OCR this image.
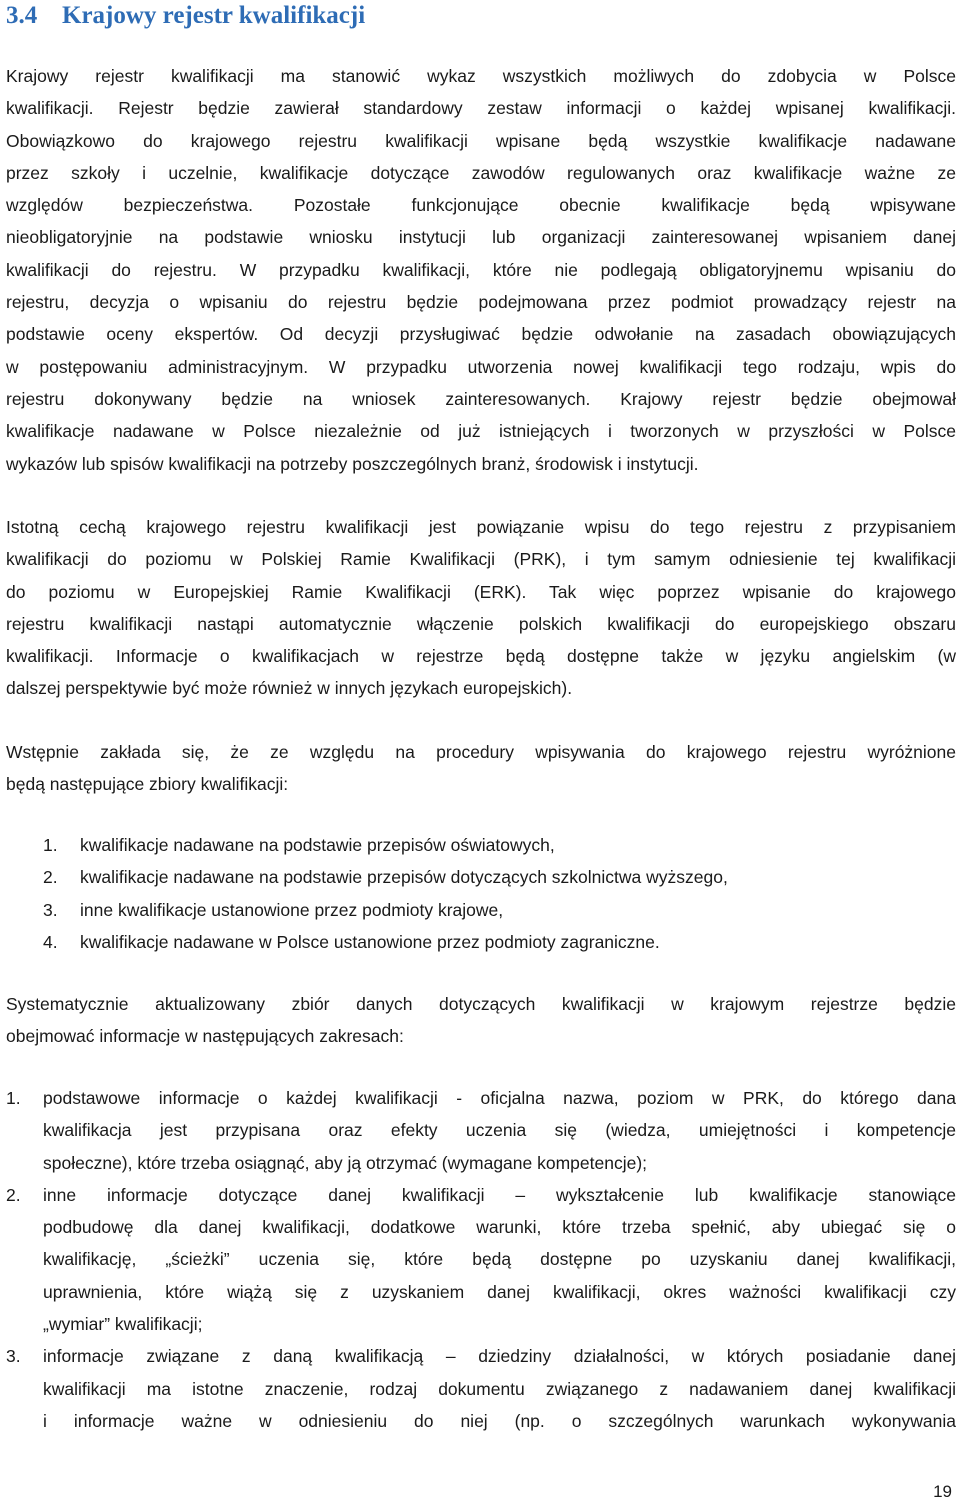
3.4 Krajowy rejestr kwalifikacji

Krajowy rejestr kwalifikacji ma stanowić wykaz wszystkich możliwych do zdobycia w Polsce
kwalifikacji. Rejestr będzie zawierał standardowy zestaw informacji o każdej wpisanej kwalifikacji.
Obowiązkowo do krajowego rejestru kwalifikacji wpisane będą wszystkie kwalifikacje nadawane
przez szkoły i uczelnie, kwalifikacje dotyczące zawodów regulowanych oraz kwalifikacje ważne ze
względów bezpieczeństwa. Pozostałe funkcjonujące obecnie kwalifikacje będą wpisywane
nieobligatoryjnie na podstawie wniosku instytucji lub organizacji zainteresowanej wpisaniem danej
kwalifikacji do rejestru. W przypadku kwalifikacji, które nie podlegają obligatoryjnemu wpisaniu do
rejestru, decyzja o wpisaniu do rejestru będzie podejmowana przez podmiot prowadzący rejestr na
podstawie oceny ekspertów. Od decyzji przysługiwać będzie odwołanie na zasadach obowiązujących
w postępowaniu administracyjnym. W przypadku utworzenia nowej kwalifikacji tego rodzaju, wpis do
rejestru dokonywany będzie na wniosek zainteresowanych. Krajowy rejestr będzie obejmował
kwalifikacje nadawane w Polsce niezależnie od już istniejących i tworzonych w przyszłości w Polsce
wykazów lub spisów kwalifikacji na potrzeby poszczególnych branż, środowisk i instytucji.

Istotną cechą krajowego rejestru kwalifikacji jest powiązanie wpisu do tego rejestru z przypisaniem
kwalifikacji do poziomu w Polskiej Ramie Kwalifikacji (PRK), i tym samym odniesienie tej kwalifikacji
do poziomu w Europejskiej Ramie Kwalifikacji (ERK). Tak więc poprzez wpisanie do krajowego
rejestru kwalifikacji nastąpi automatycznie włączenie polskich kwalifikacji do europejskiego obszaru
kwalifikacji. Informacje o kwalifikacjach w rejestrze będą dostępne także w języku angielskim (w
dalszej perspektywie być może również w innych językach europejskich).

Wstępnie zakłada się, że ze względu na procedury wpisywania do krajowego rejestru wyróżnione
będą następujące zbiory kwalifikacji:

1. kwalifikacje nadawane na podstawie przepisów oświatowych,
2. kwalifikacje nadawane na podstawie przepisów dotyczących szkolnictwa wyższego,
3. inne kwalifikacje ustanowione przez podmioty krajowe,
4. kwalifikacje nadawane w Polsce ustanowione przez podmioty zagraniczne.

Systematycznie aktualizowany zbiór danych dotyczących kwalifikacji w krajowym rejestrze będzie
obejmować informacje w następujących zakresach:

1. podstawowe informacje o każdej kwalifikacji - oficjalna nazwa, poziom w PRK, do którego dana
kwalifikacja jest przypisana oraz efekty uczenia się (wiedza, umiejętności i kompetencje
społeczne), które trzeba osiągnąć, aby ją otrzymać (wymagane kompetencje);
2. inne informacje dotyczące danej kwalifikacji – wykształcenie lub kwalifikacje stanowiące
podbudowę dla danej kwalifikacji, dodatkowe warunki, które trzeba spełnić, aby ubiegać się o
kwalifikację, „ścieżki” uczenia się, które będą dostępne po uzyskaniu danej kwalifikacji,
uprawnienia, które wiążą się z uzyskaniem danej kwalifikacji, okres ważności kwalifikacji czy
„wymiar” kwalifikacji;
3. informacje związane z daną kwalifikacją – dziedziny działalności, w których posiadanie danej
kwalifikacji ma istotne znaczenie, rodzaj dokumentu związanego z nadawaniem danej kwalifikacji
i informacje ważne w odniesieniu do niej (np. o szczególnych warunkach wykonywania
19
